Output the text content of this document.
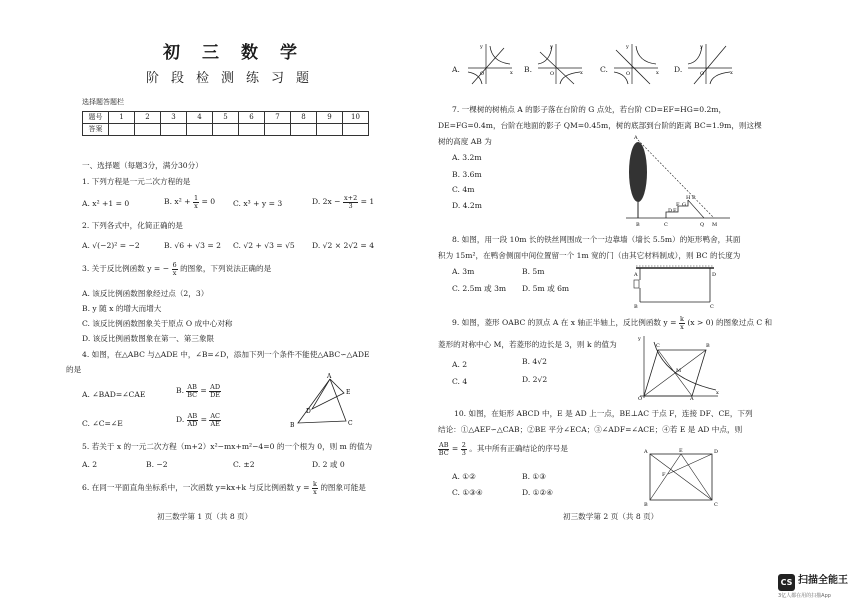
初三数学
阶段检测练习题
选择题答题栏
题号	1	2	3	4	5	6	7	8	9	10
答案										
一、选择题（每题3分，满分30分）
1. 下列方程是一元二次方程的是
A. x² +1 = 0	B. $x^2 + \frac{1}{x} = 0$ C. x³ + y = 3	D. $2x - \frac{x+2}{3} = 1$
2. 下列各式中，化简正确的是
A. √(−2)² = −2	B. √6 + √3 = 2 C. √2 + √3 = √5 D. √2 × 2√2 = 4
3. 关于反比例函数 y = − $\frac{6}{x}$ 的图象，下列说法正确的是
A. 该反比例函数图象经过点（2，3）
B. y 随 x 的增大而增大
C. 该反比例函数图象关于原点 O 成中心对称
D. 该反比例函数图象在第一、第三象限
4. 如图，在△ABC 与△ADE 中，∠B=∠D，添加下列一个条件不能使△ABC∽△ADE
的是
A. ∠BAD=∠CAE	B. $\frac{AB}{BC} = \frac{AD}{DE}$
C. ∠C=∠E	D. $\frac{AB}{AD} = \frac{AC}{AE}$
A
B	C
D
E
5. 若关于 x 的一元二次方程（m+2）x²−mx+m²−4=0 的一个根为 0，则 m 的值为
A. 2	B. −2	C. ±2	D. 2 或 0
6. 在同一平面直角坐标系中，一次函数 y=kx+k 与反比例函数 $y = \frac{k}{x}$ 的图象可能是
初三数学第 1 页（共 8 页）
A.
y
x
O	B.
y
x
O	C.
y
x
O	D.
y
x
O
7. 一棵树的树梢点 A 的影子落在台阶的 G 点处，若台阶 CD=EF=HG=0.2m，
DE=FG=0.4m，台阶在地面的影子 QM=0.45m，树的底部到台阶的距离 BC=1.9m，则这棵
树的高度 AB 为
A. 3.2m
B. 3.6m
C. 4m
D. 4.2m
A
B	C
D E
F G
H P
Q M
8. 如图，用一段 10m 长的铁丝网围成一个一边靠墙（墙长 5.5m）的矩形鸭舍，其面
积为 15m²，在鸭舍侧面中间位置留一个 1m 宽的门（由其它材料制成），则 BC 的长度为
A. 3m	B. 5m
C. 2.5m 或 3m D. 5m 或 6m
A
B	C
D
9. 如图，菱形 OABC 的顶点 A 在 x 轴正半轴上，反比例函数 $y = \frac{k}{x} (x > 0)$ 的图象过点 C 和
菱形的对称中心 M，若菱形的边长是 3，则 k 的值为
A. 2	B. 4√2
C. 4	D. 2√2
y
C	B
M
O	A
x
10. 如图，在矩形 ABCD 中，E 是 AD 上一点，BE⊥AC 于点 F，连接 DF、CE，下列
结论：①△AEF∽△CAB；②BE 平分∠ECA；③∠ADF=∠ACE；④若 E 是 AD 中点，则
$\frac{AB}{BC} = \frac{2}{3}$ 。其中所有正确结论的序号是
A. ①②	B. ①③
C. ①③④	D. ①②④
A	E	D
F
B	C
初三数学第 2 页（共 8 页）
CS 扫描全能王
3亿人都在用的扫描App
